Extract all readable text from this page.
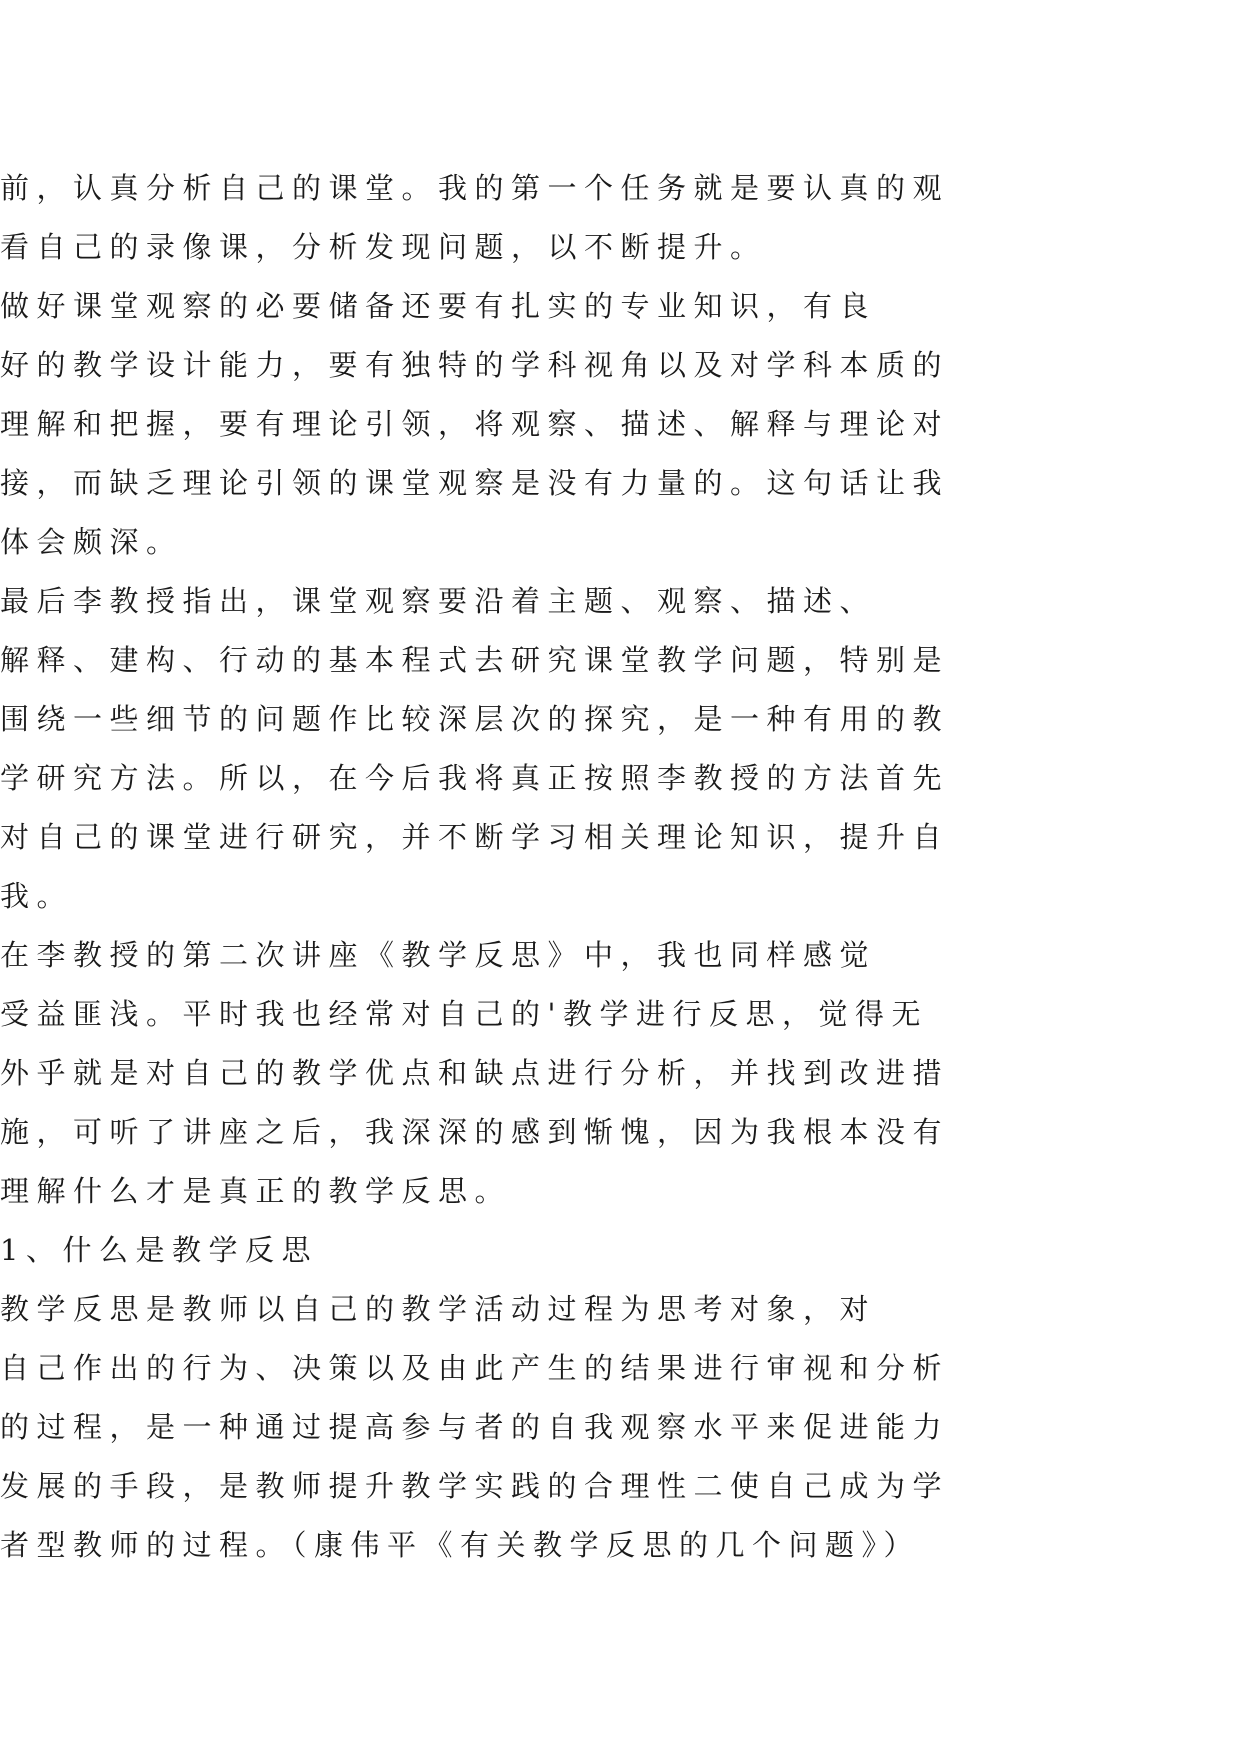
前，认真分析自己的课堂。我的第一个任务就是要认真的观
看自己的录像课，分析发现问题，以不断提升。
做好课堂观察的必要储备还要有扎实的专业知识，有良
好的教学设计能力，要有独特的学科视角以及对学科本质的
理解和把握，要有理论引领，将观察、描述、解释与理论对
接，而缺乏理论引领的课堂观察是没有力量的。这句话让我
体会颇深。
最后李教授指出，课堂观察要沿着主题、观察、描述、
解释、建构、行动的基本程式去研究课堂教学问题，特别是
围绕一些细节的问题作比较深层次的探究，是一种有用的教
学研究方法。所以，在今后我将真正按照李教授的方法首先
对自己的课堂进行研究，并不断学习相关理论知识，提升自
我。
在李教授的第二次讲座《教学反思》中，我也同样感觉
受益匪浅。平时我也经常对自己的'教学进行反思，觉得无
外乎就是对自己的教学优点和缺点进行分析，并找到改进措
施，可听了讲座之后，我深深的感到惭愧，因为我根本没有
理解什么才是真正的教学反思。
1、什么是教学反思
教学反思是教师以自己的教学活动过程为思考对象，对
自己作出的行为、决策以及由此产生的结果进行审视和分析
的过程，是一种通过提高参与者的自我观察水平来促进能力
发展的手段，是教师提升教学实践的合理性二使自己成为学
者型教师的过程。（康伟平《有关教学反思的几个问题》）
